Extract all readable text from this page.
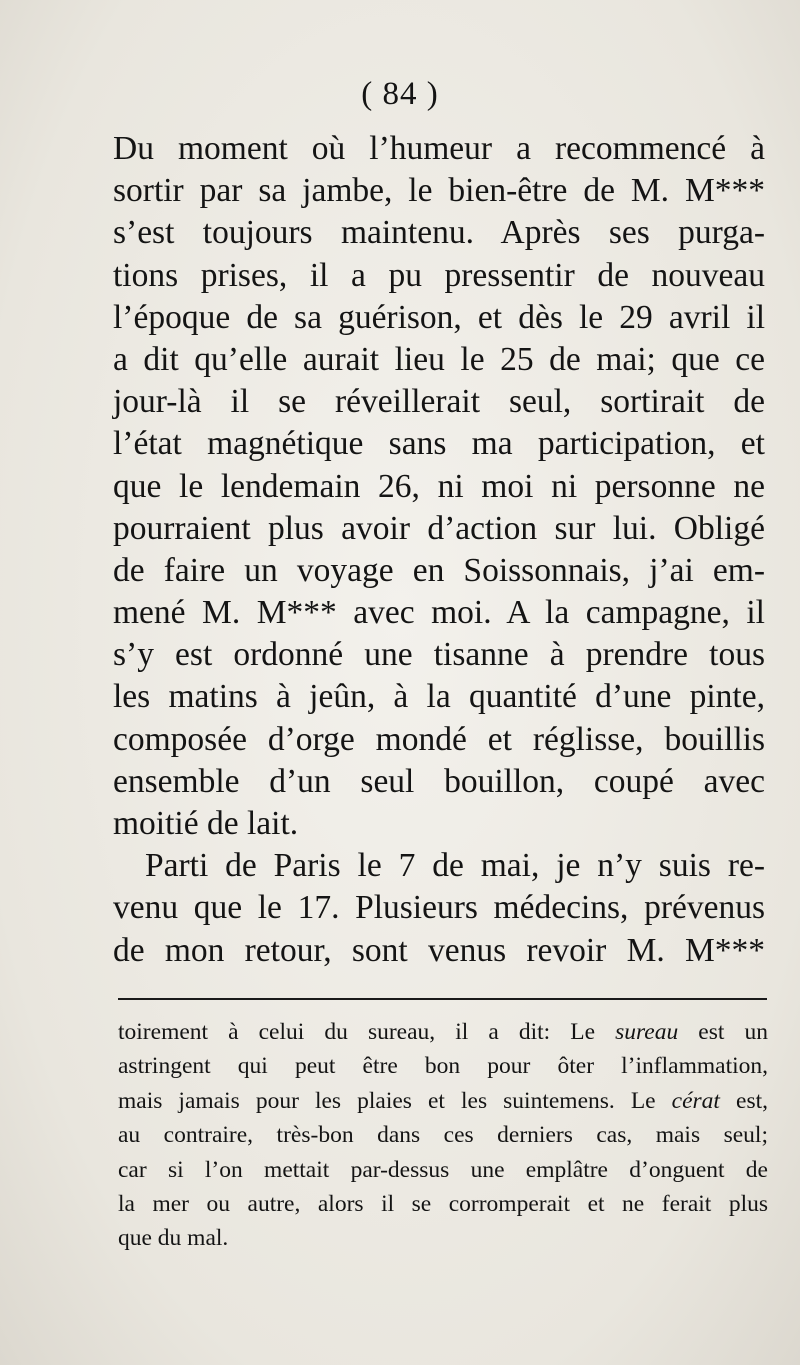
( 84 )
Du moment où l’humeur a recommencé à
sortir par sa jambe, le bien-être de M. M***
s’est toujours maintenu. Après ses purga-
tions prises, il a pu pressentir de nouveau
l’époque de sa guérison, et dès le 29 avril il
a dit qu’elle aurait lieu le 25 de mai; que ce
jour-là il se réveillerait seul, sortirait de
l’état magnétique sans ma participation, et
que le lendemain 26, ni moi ni personne ne
pourraient plus avoir d’action sur lui. Obligé
de faire un voyage en Soissonnais, j’ai em-
mené M. M*** avec moi. A la campagne, il
s’y est ordonné une tisanne à prendre tous
les matins à jeûn, à la quantité d’une pinte,
composée d’orge mondé et réglisse, bouillis
ensemble d’un seul bouillon, coupé avec
moitié de lait.
Parti de Paris le 7 de mai, je n’y suis re-
venu que le 17. Plusieurs médecins, prévenus
de mon retour, sont venus revoir M. M***
toirement à celui du sureau, il a dit: Le sureau est un
astringent qui peut être bon pour ôter l’inflammation,
mais jamais pour les plaies et les suintemens. Le cérat est,
au contraire, très-bon dans ces derniers cas, mais seul;
car si l’on mettait par-dessus une emplâtre d’onguent de
la mer ou autre, alors il se corromperait et ne ferait plus
que du mal.
